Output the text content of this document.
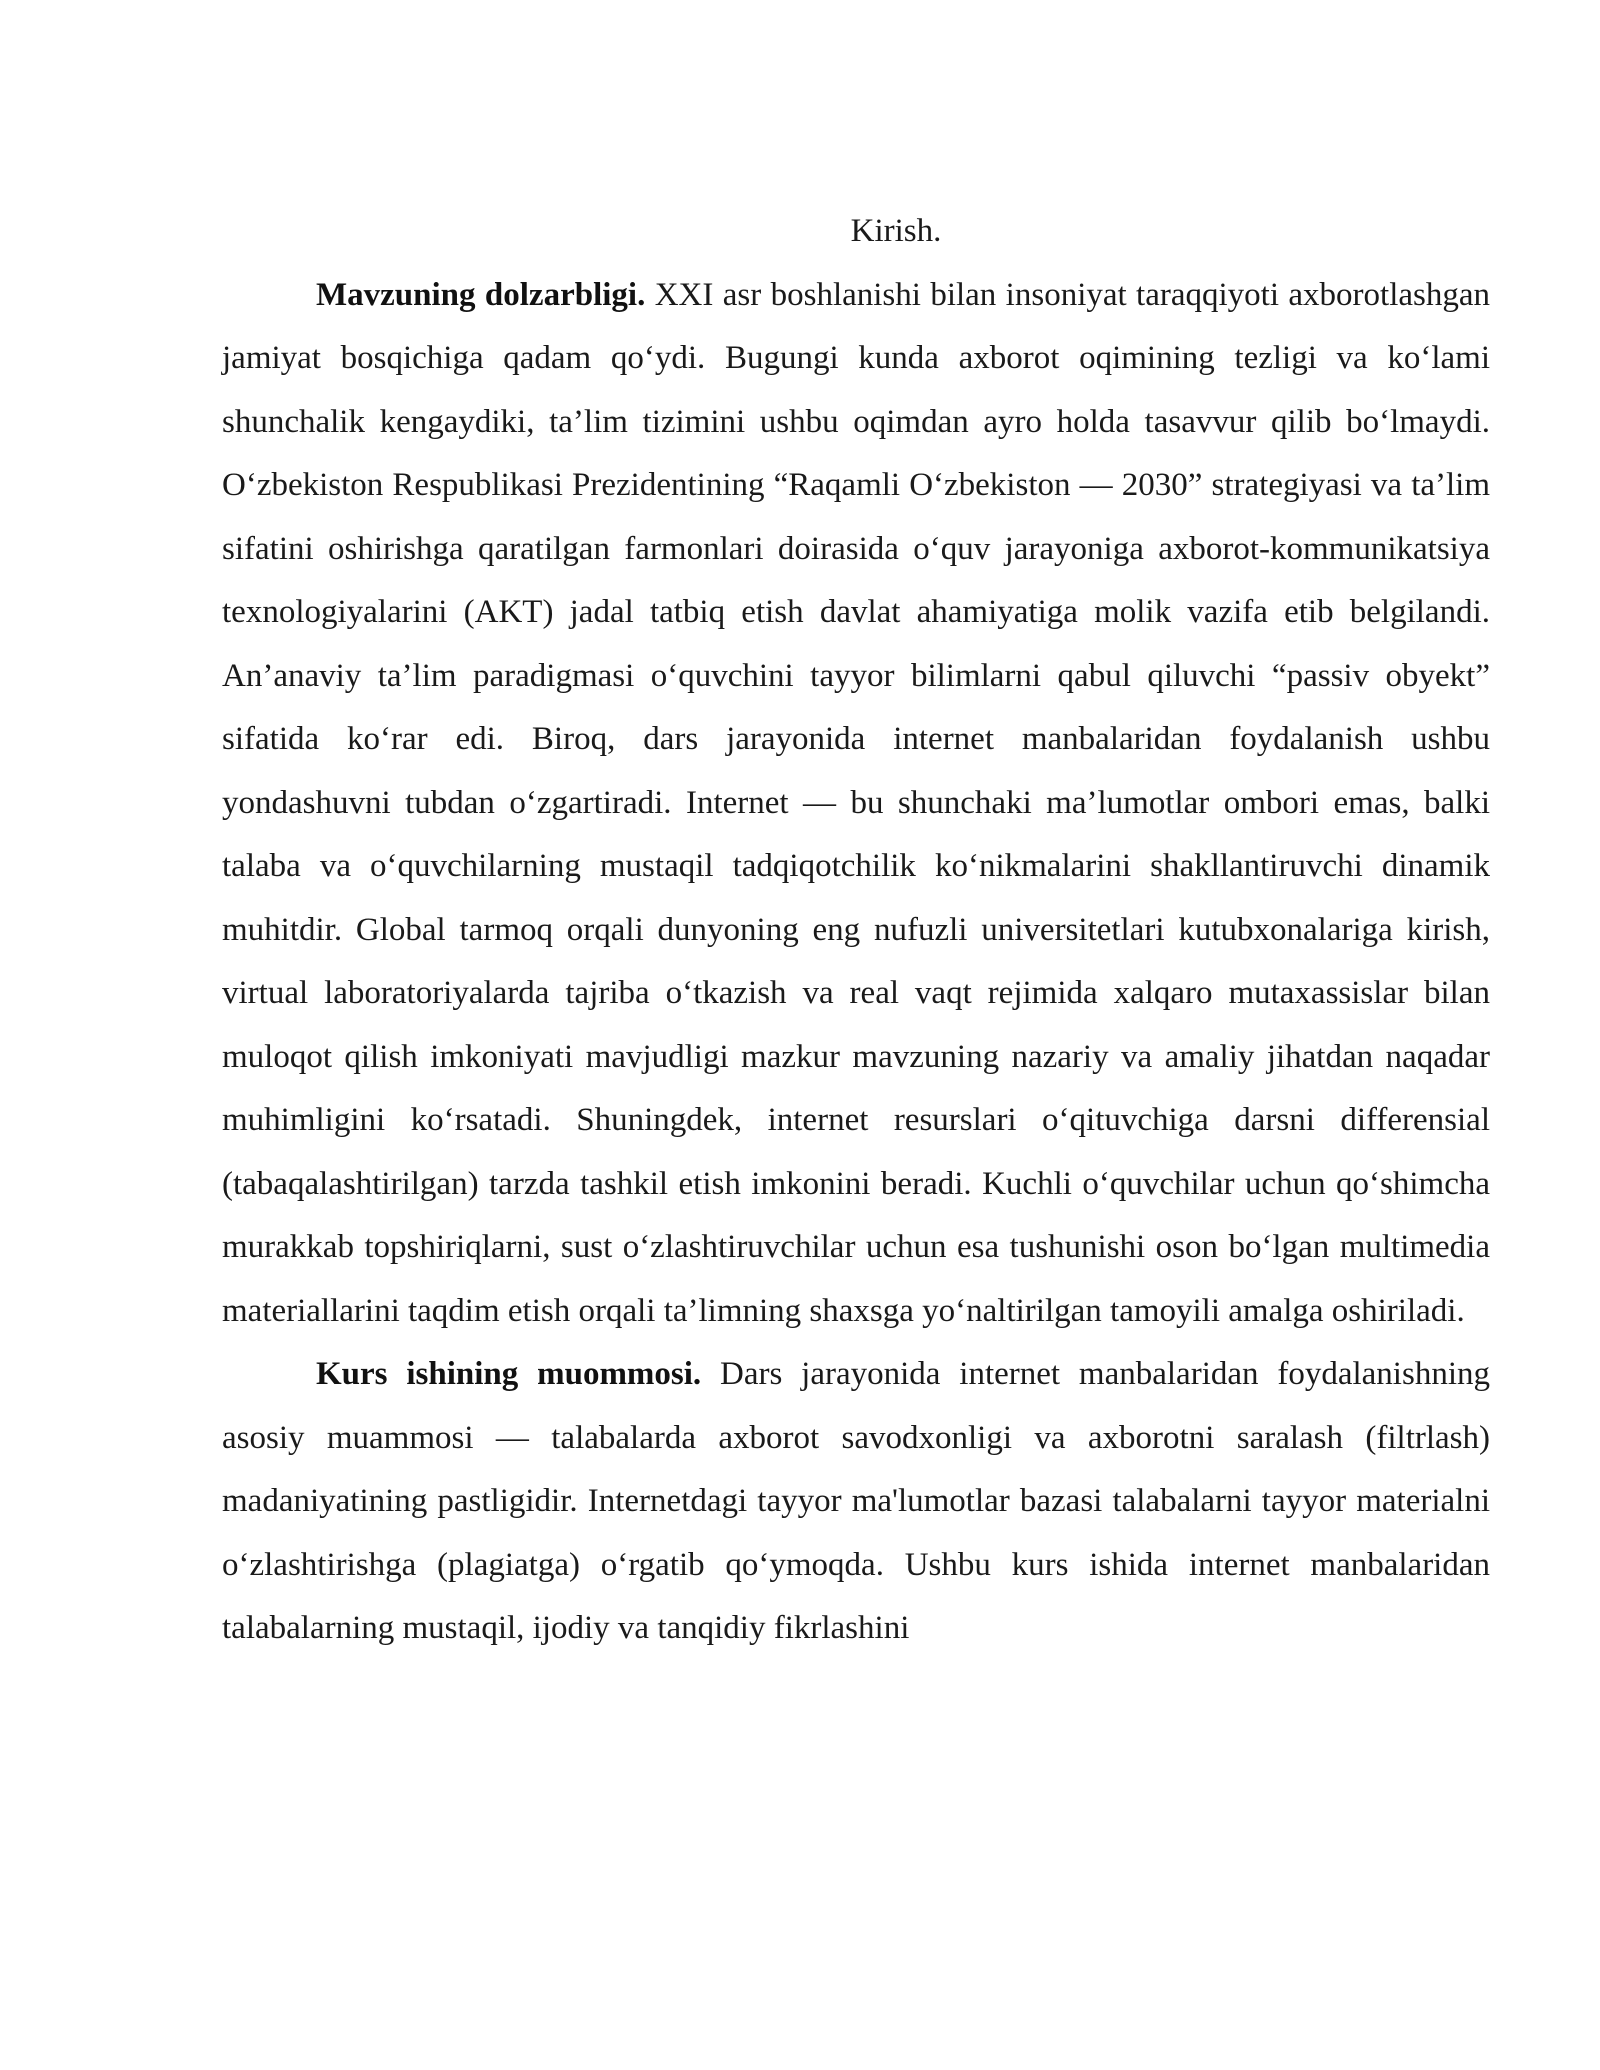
Kirish.

Mavzuning dolzarbligi. XXI asr boshlanishi bilan insoniyat taraqqiyoti axborotlashgan jamiyat bosqichiga qadam qo‘ydi. Bugungi kunda axborot oqimining tezligi va ko‘lami shunchalik kengaydiki, ta’lim tizimini ushbu oqimdan ayro holda tasavvur qilib bo‘lmaydi. O‘zbekiston Respublikasi Prezidentining “Raqamli O‘zbekiston — 2030” strategiyasi va ta’lim sifatini oshirishga qaratilgan farmonlari doirasida o‘quv jarayoniga axborot-kommunikatsiya texnologiyalarini (AKT) jadal tatbiq etish davlat ahamiyatiga molik vazifa etib belgilandi. An’anaviy ta’lim paradigmasi o‘quvchini tayyor bilimlarni qabul qiluvchi “passiv obyekt” sifatida ko‘rar edi. Biroq, dars jarayonida internet manbalaridan foydalanish ushbu yondashuvni tubdan o‘zgartiradi. Internet — bu shunchaki ma’lumotlar ombori emas, balki talaba va o‘quvchilarning mustaqil tadqiqotchilik ko‘nikmalarini shakllantiruvchi dinamik muhitdir. Global tarmoq orqali dunyoning eng nufuzli universitetlari kutubxonalariga kirish, virtual laboratoriyalarda tajriba o‘tkazish va real vaqt rejimida xalqaro mutaxassislar bilan muloqot qilish imkoniyati mavjudligi mazkur mavzuning nazariy va amaliy jihatdan naqadar muhimligini ko‘rsatadi. Shuningdek, internet resurslari o‘qituvchiga darsni differensial (tabaqalashtirilgan) tarzda tashkil etish imkonini beradi. Kuchli o‘quvchilar uchun qo‘shimcha murakkab topshiriqlarni, sust o‘zlashtiruvchilar uchun esa tushunishi oson bo‘lgan multimedia materiallarini taqdim etish orqali ta’limning shaxsga yo‘naltirilgan tamoyili amalga oshiriladi.

Kurs ishining muommosi. Dars jarayonida internet manbalaridan foydalanishning asosiy muammosi — talabalarda axborot savodxonligi va axborotni saralash (filtrlash) madaniyatining pastligidir. Internetdagi tayyor ma'lumotlar bazasi talabalarni tayyor materialni o‘zlashtirishga (plagiatga) o‘rgatib qo‘ymoqda. Ushbu kurs ishida internet manbalaridan talabalarning mustaqil, ijodiy va tanqidiy fikrlashini
